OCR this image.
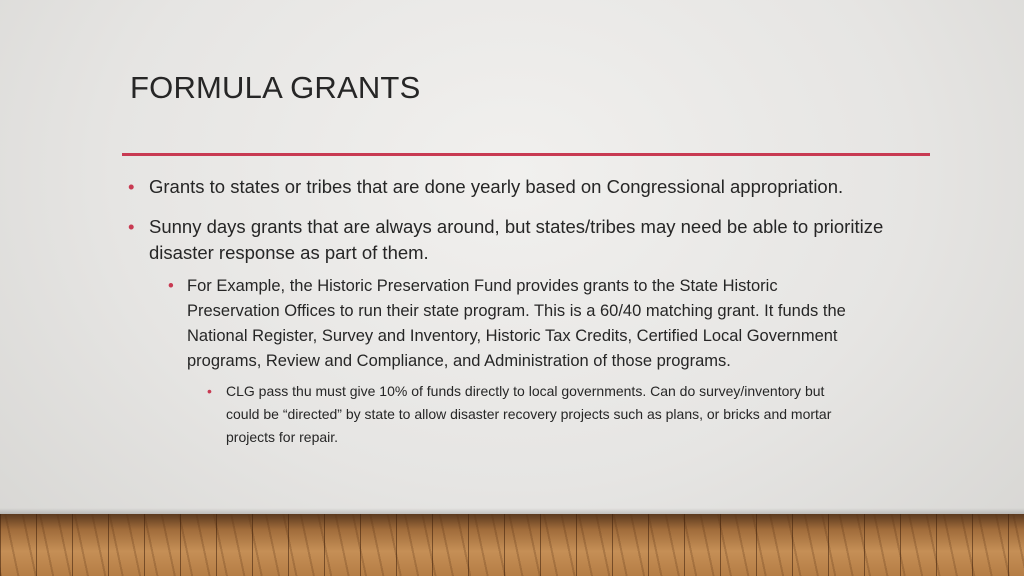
FORMULA GRANTS
• Grants to states or tribes that are done yearly based on Congressional appropriation.
• Sunny days grants that are always around, but states/tribes may need be able to prioritize
disaster response as part of them.
• For Example, the Historic Preservation Fund provides grants to the State Historic
Preservation Offices to run their state program. This is a 60/40 matching grant. It funds the
National Register, Survey and Inventory, Historic Tax Credits, Certified Local Government
programs, Review and Compliance, and Administration of those programs.
• CLG pass thu must give 10% of funds directly to local governments. Can do survey/inventory but
could be “directed” by state to allow disaster recovery projects such as plans, or bricks and mortar
projects for repair.
